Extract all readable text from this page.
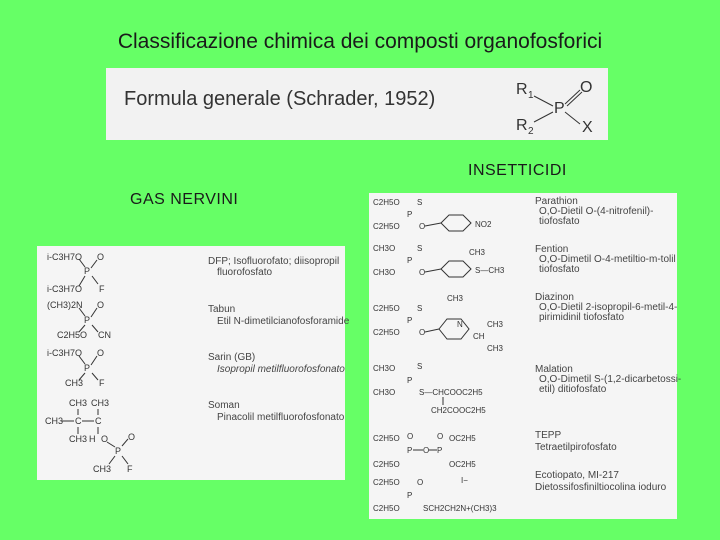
Classificazione chimica dei composti organofosforici
Formula generale (Schrader, 1952)	R 1
R 2
P
O
X
INSETTICIDI
GAS NERVINI
i-C3H7O
i-C3H7O
P
O
F
(CH3)2N
C2H5O
P
O
CN
i-C3H7O
CH3
P
O
F
CH3 CH3
CH3 C C
CH3 H O
P
O
CH3 F
DFP; Isofluorofato; diisopropil
fluorofosfato
Tabun
Etil N-dimetilcianofosforamide
Sarin (GB)
Isopropil metilfluorofosfonato
Soman
Pinacolil metilfluorofosfonato
C2H5O
C2H5O
P
S
O	NO2
CH3O
CH3O
P
S
O
CH3
S—CH3
C2H5O
C2H5O
P
S
O
CH3
N
CH
CH3
CH3
CH3O
CH3O
P
S
S—CHCOOC2H5
CH2COOC2H5
C2H5O
C2H5O
P
O
O P
O OC2H5
OC2H5
C2H5O
C2H5O
P
O
SCH2CH2N+(CH3)3
I−
Parathion
O,O-Dietil O-(4-nitrofenil)-
tiofosfato
Fention
O,O-Dimetil O-4-metiltio-m-tolil
tiofosfato
Diazinon
O,O-Dietil 2-isopropil-6-metil-4-
pirimidinil tiofosfato
Malation
O,O-Dimetil S-(1,2-dicarbetossi-
etil) ditiofosfato
TEPP
Tetraetilpirofosfato
Ecotiopato, MI-217
Dietossifosfiniltiocolina ioduro
